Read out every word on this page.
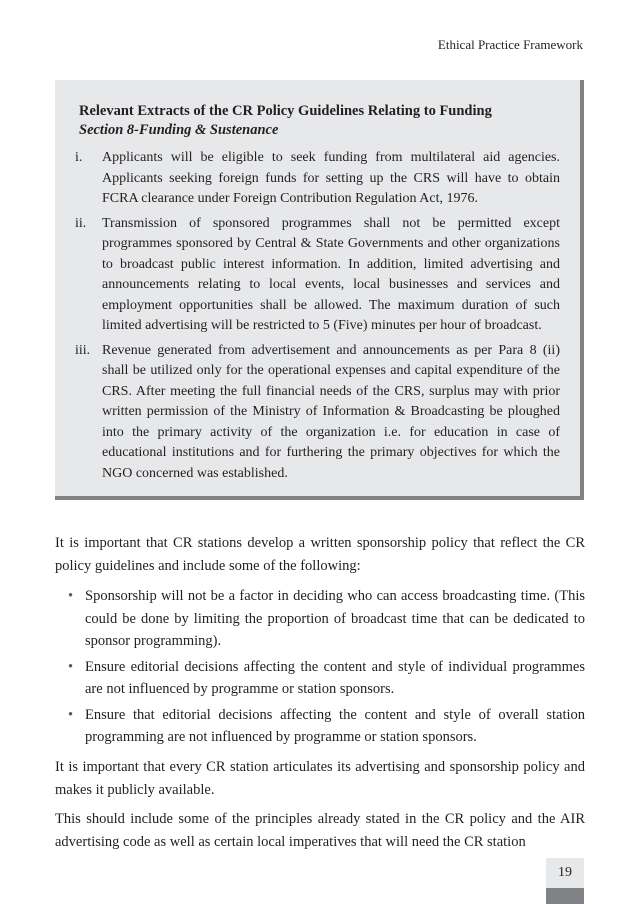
Ethical Practice Framework
Relevant Extracts of the CR Policy Guidelines Relating to Funding
Section 8-Funding & Sustenance
i.	Applicants will be eligible to seek funding from multilateral aid agencies. Applicants seeking foreign funds for setting up the CRS will have to obtain FCRA clearance under Foreign Contribution Regulation Act, 1976.
ii.	Transmission of sponsored programmes shall not be permitted except programmes sponsored by Central & State Governments and other organizations to broadcast public interest information. In addition, limited advertising and announcements relating to local events, local businesses and services and employment opportunities shall be allowed. The maximum duration of such limited advertising will be restricted to 5 (Five) minutes per hour of broadcast.
iii. Revenue generated from advertisement and announcements as per Para 8 (ii) shall be utilized only for the operational expenses and capital expenditure of the CRS. After meeting the full financial needs of the CRS, surplus may with prior written permission of the Ministry of Information & Broadcasting be ploughed into the primary activity of the organization i.e. for education in case of educational institutions and for furthering the primary objectives for which the NGO concerned was established.

It is important that CR stations develop a written sponsorship policy that reflect the CR policy guidelines and include some of the following:

• Sponsorship will not be a factor in deciding who can access broadcasting time. (This could be done by limiting the proportion of broadcast time that can be dedicated to sponsor programming).
• Ensure editorial decisions affecting the content and style of individual programmes are not influenced by programme or station sponsors.
• Ensure that editorial decisions affecting the content and style of overall station programming are not influenced by programme or station sponsors.

It is important that every CR station articulates its advertising and sponsorship policy and makes it publicly available.

This should include some of the principles already stated in the CR policy and the AIR advertising code as well as certain local imperatives that will need the CR station

19
